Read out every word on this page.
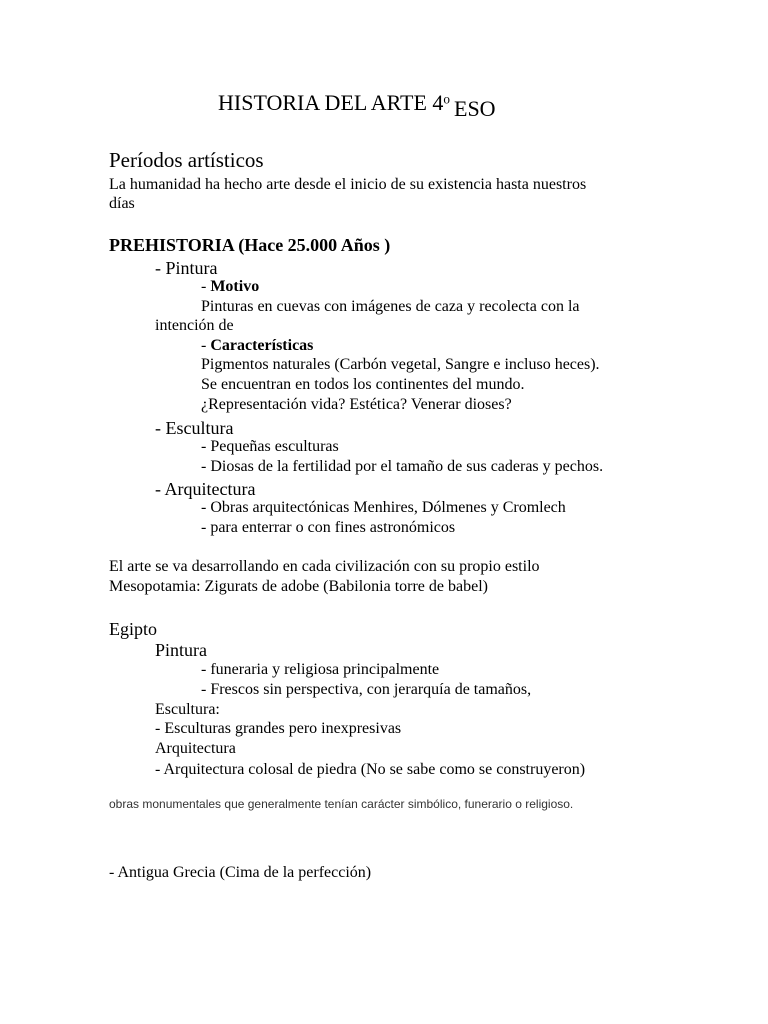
HISTORIA DEL ARTE 4$^o$ ESO
Períodos artísticos
La humanidad ha hecho arte desde el inicio de su existencia hasta nuestros
días
PREHISTORIA (Hace 25.000 Años )
- Pintura
- Motivo
Pinturas en cuevas con imágenes de caza y recolecta con la
intención de
- Características
Pigmentos naturales (Carbón vegetal, Sangre e incluso heces).
Se encuentran en todos los continentes del mundo.
¿Representación vida? Estética? Venerar dioses?
- Escultura
- Pequeñas esculturas
- Diosas de la fertilidad por el tamaño de sus caderas y pechos.
- Arquitectura
- Obras arquitectónicas Menhires, Dólmenes y Cromlech
- para enterrar o con fines astronómicos
El arte se va desarrollando en cada civilización con su propio estilo
Mesopotamia: Zigurats de adobe (Babilonia torre de babel)
Egipto
Pintura
- funeraria y religiosa principalmente
- Frescos sin perspectiva, con jerarquía de tamaños,
Escultura:
- Esculturas grandes pero inexpresivas
Arquitectura
- Arquitectura colosal de piedra (No se sabe como se construyeron)
obras monumentales que generalmente tenían carácter simbólico, funerario o religioso.
- Antigua Grecia (Cima de la perfección)
